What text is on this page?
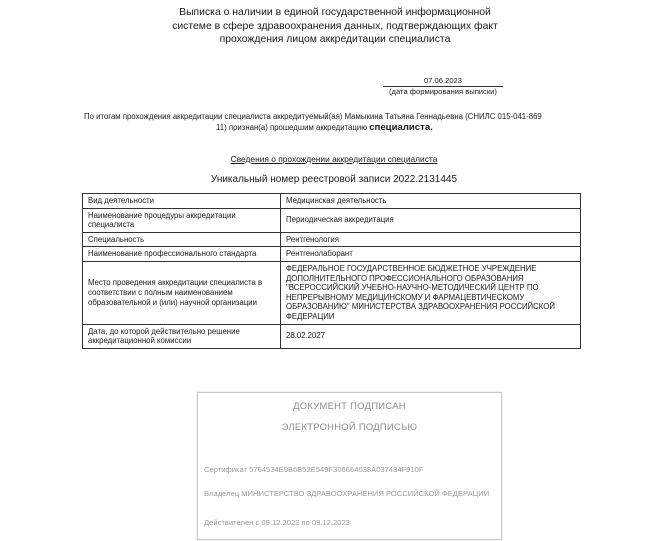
Выписка о наличии в единой государственной информационной
системе в сфере здравоохранения данных, подтверждающих факт
прохождения лицом аккредитации специалиста
07.06.2023
(дата формирования выписки)
По итогам прохождения аккредитации специалиста аккредитуемый(ая) Мамыкина Татьяна Геннадьевна (СНИЛС 015-041-869
11) признан(а) прошедшим аккредитацию специалиста.
Сведения о прохождении аккредитации специалиста
Уникальный номер реестровой записи 2022.2131445
Вид деятельности	Медицинская деятельность
Наименование процедуры аккредитации специалиста	Периодическая аккредитация
Специальность	Рентгенология
Наименование профессионального стандарта	Рентгенолаборант
Место проведения аккредитации специалиста в соответствии с полным наименованием образовательной и (или) научной организации	ФЕДЕРАЛЬНОЕ ГОСУДАРСТВЕННОЕ БЮДЖЕТНОЕ УЧРЕЖДЕНИЕ ДОПОЛНИТЕЛЬНОГО ПРОФЕССИОНАЛЬНОГО ОБРАЗОВАНИЯ "ВСЕРОССИЙСКИЙ УЧЕБНО-НАУЧНО-МЕТОДИЧЕСКИЙ ЦЕНТР ПО НЕПРЕРЫВНОМУ МЕДИЦИНСКОМУ И ФАРМАЦЕВТИЧЕСКОМУ ОБРАЗОВАНИЮ" МИНИСТЕРСТВА ЗДРАВООХРАНЕНИЯ РОССИЙСКОЙ ФЕДЕРАЦИИ
Дата, до которой действительно решение аккредитационной комиссии	28.02.2027
ДОКУМЕНТ ПОДПИСАН
ЭЛЕКТРОННОЙ ПОДПИСЬЮ
Сертификат 5764534E9B6B52E549F306664038A037434F910F
Владелец МИНИСТЕРСТВО ЗДРАВООХРАНЕНИЯ РОССИЙСКОЙ ФЕДЕРАЦИИ
Действителен с 09.12.2022 по 09.12.2023
